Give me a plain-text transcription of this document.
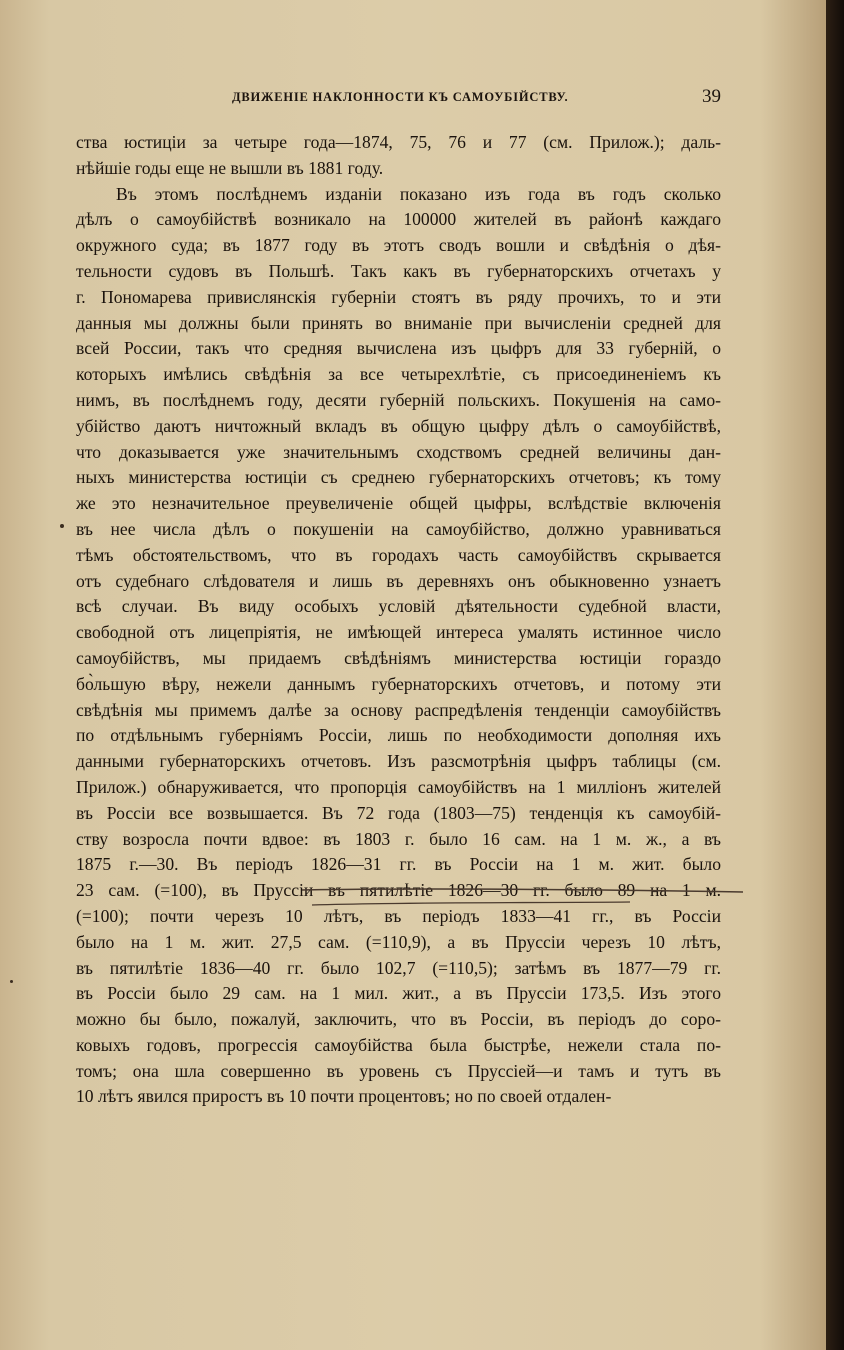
ДВИЖЕНІЕ НАКЛОННОСТИ КЪ САМОУБІЙСТВУ.	39
ства юстиціи за четыре года—1874, 75, 76 и 77 (см. Прилож.); даль-
нѣйшіе годы еще не вышли въ 1881 году.
Въ этомъ послѣднемъ изданіи показано изъ года въ годъ сколько
дѣлъ о самоубійствѣ возникало на 100000 жителей въ районѣ каждаго
окружного суда; въ 1877 году въ этотъ сводъ вошли и свѣдѣнія о дѣя-
тельности судовъ въ Польшѣ. Такъ какъ въ губернаторскихъ отчетахъ у
г. Пономарева привислянскія губерніи стоятъ въ ряду прочихъ, то и эти
данныя мы должны были принять во вниманіе при вычисленіи средней для
всей России, такъ что средняя вычислена изъ цыфръ для 33 губерній, о
которыхъ имѣлись свѣдѣнія за все четырехлѣтіе, съ присоединеніемъ къ
нимъ, въ послѣднемъ году, десяти губерній польскихъ. Покушенія на само-
убійство даютъ ничтожный вкладъ въ общую цыфру дѣлъ о самоубійствѣ,
что доказывается уже значительнымъ сходствомъ средней величины дан-
ныхъ министерства юстиціи съ среднею губернаторскихъ отчетовъ; къ тому
же это незначительное преувеличеніе общей цыфры, вслѣдствіе включенія
въ нее числа дѣлъ о покушеніи на самоубійство, должно уравниваться
тѣмъ обстоятельствомъ, что въ городахъ часть самоубійствъ скрывается
отъ судебнаго слѣдователя и лишь въ деревняхъ онъ обыкновенно узнаетъ
всѣ случаи. Въ виду особыхъ условій дѣятельности судебной власти,
свободной отъ лицепріятія, не имѣющей интереса умалять истинное число
самоубійствъ, мы придаемъ свѣдѣніямъ министерства юстиціи гораздо
бо̀льшую вѣру, нежели даннымъ губернаторскихъ отчетовъ, и потому эти
свѣдѣнія мы примемъ далѣе за основу распредѣленія тенденціи самоубійствъ
по отдѣльнымъ губерніямъ Россіи, лишь по необходимости дополняя ихъ
данными губернаторскихъ отчетовъ. Изъ разсмотрѣнія цыфръ таблицы (см.
Прилож.) обнаруживается, что пропорція самоубійствъ на 1 милліонъ жителей
въ Россіи все возвышается. Въ 72 года (1803—75) тенденція къ самоубій-
ству возросла почти вдвое: въ 1803 г. было 16 сам. на 1 м. ж., а въ
1875 г.—30. Въ періодъ 1826—31 гг. въ Россіи на 1 м. жит. было
23 сам. (=100), въ Пруссіи въ пятилѣтіе 1826—30 гг. было 89 на 1 м.
(=100); почти черезъ 10 лѣтъ, въ періодъ 1833—41 гг., въ Россіи
было на 1 м. жит. 27,5 сам. (=110,9), а въ Пруссіи черезъ 10 лѣтъ,
въ пятилѣтіе 1836—40 гг. было 102,7 (=110,5); затѣмъ въ 1877—79 гг.
въ Россіи было 29 сам. на 1 мил. жит., а въ Пруссіи 173,5. Изъ этого
можно бы было, пожалуй, заключить, что въ Россіи, въ періодъ до соро-
ковыхъ годовъ, прогрессія самоубійства была быстрѣе, нежели стала по-
томъ; она шла совершенно въ уровень съ Пруссіей—и тамъ и тутъ въ
10 лѣтъ явился приростъ въ 10 почти процентовъ; но по своей отдален-
